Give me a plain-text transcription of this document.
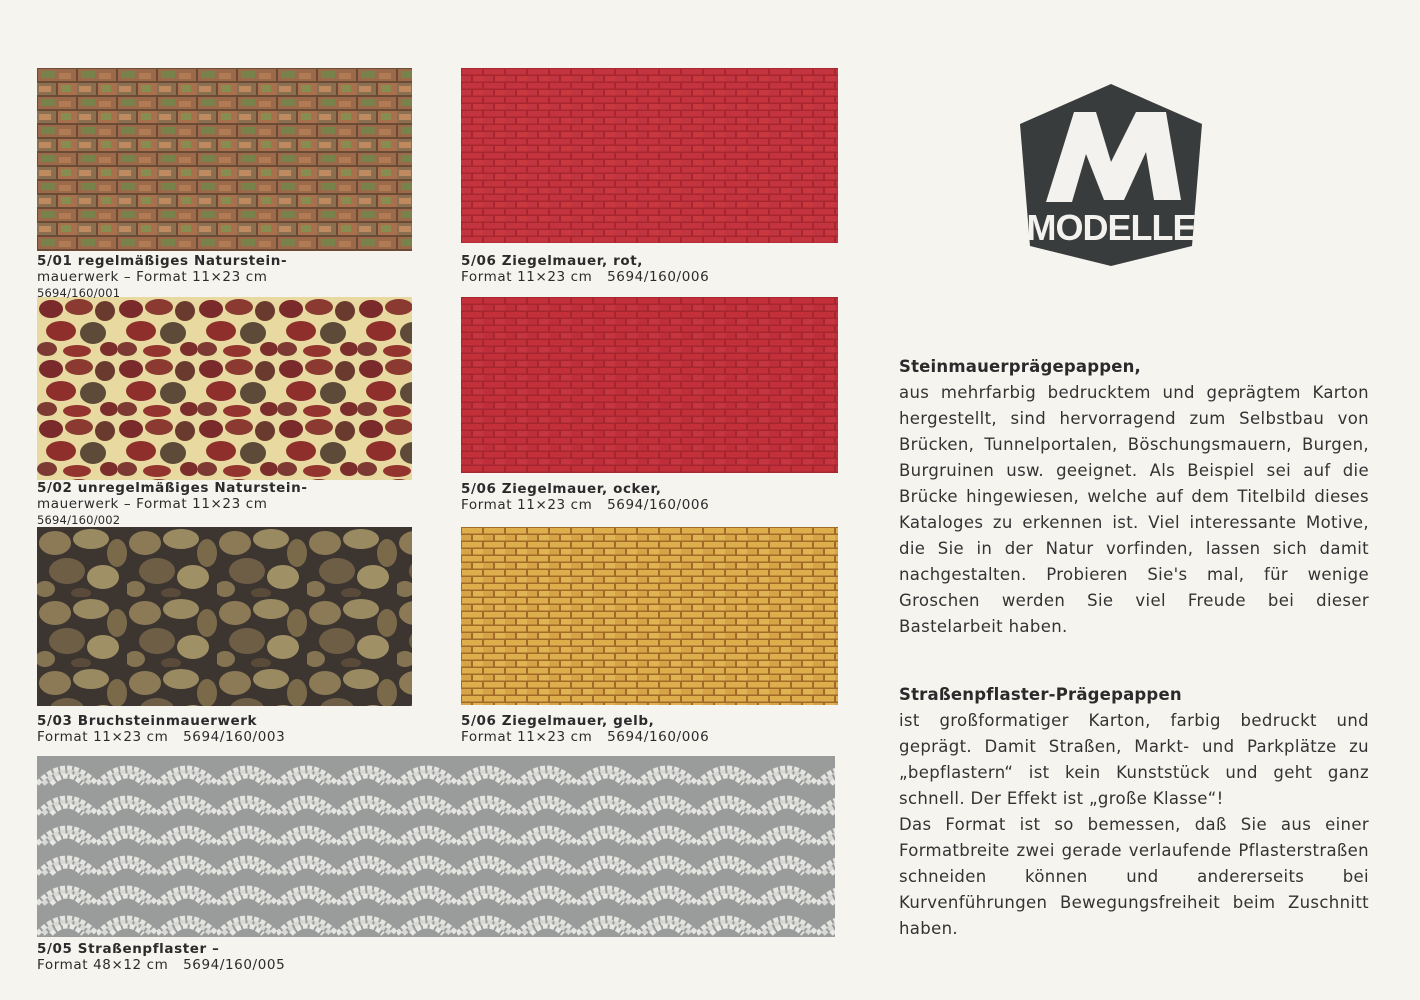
5/01 regelmäßiges Naturstein-
mauerwerk – Format 11×23 cm
5694/160/001
5/06 Ziegelmauer, rot,
Format 11×23 cm   5694/160/006
5/02 unregelmäßiges Naturstein-
mauerwerk – Format 11×23 cm
5694/160/002
5/06 Ziegelmauer, ocker,
Format 11×23 cm   5694/160/006
5/03 Bruchsteinmauerwerk
Format 11×23 cm   5694/160/003
5/06 Ziegelmauer, gelb,
Format 11×23 cm   5694/160/006
5/05 Straßenpflaster –
Format 48×12 cm   5694/160/005
MODELLE
Steinmauerprägepappen,

aus mehrfarbig bedrucktem und geprägtem Karton hergestellt, sind hervorragend zum Selbstbau von Brücken, Tunnelportalen, Böschungsmauern, Burgen, Burgruinen usw. geeignet. Als Beispiel sei auf die Brücke hingewiesen, welche auf dem Titelbild dieses Kataloges zu erkennen ist. Viel interessante Motive, die Sie in der Natur vorfinden, lassen sich damit nachgestalten. Probieren Sie's mal, für wenige Groschen werden Sie viel Freude bei dieser Bastelarbeit haben.

Straßenpflaster-Prägepappen

ist großformatiger Karton, farbig bedruckt und geprägt. Damit Straßen, Markt- und Parkplätze zu „bepflastern“ ist kein Kunststück und geht ganz schnell. Der Effekt ist „große Klasse“!

Das Format ist so bemessen, daß Sie aus einer Formatbreite zwei gerade verlaufende Pflasterstraßen schneiden können und andererseits bei Kurvenführungen Bewegungsfreiheit beim Zuschnitt haben.
